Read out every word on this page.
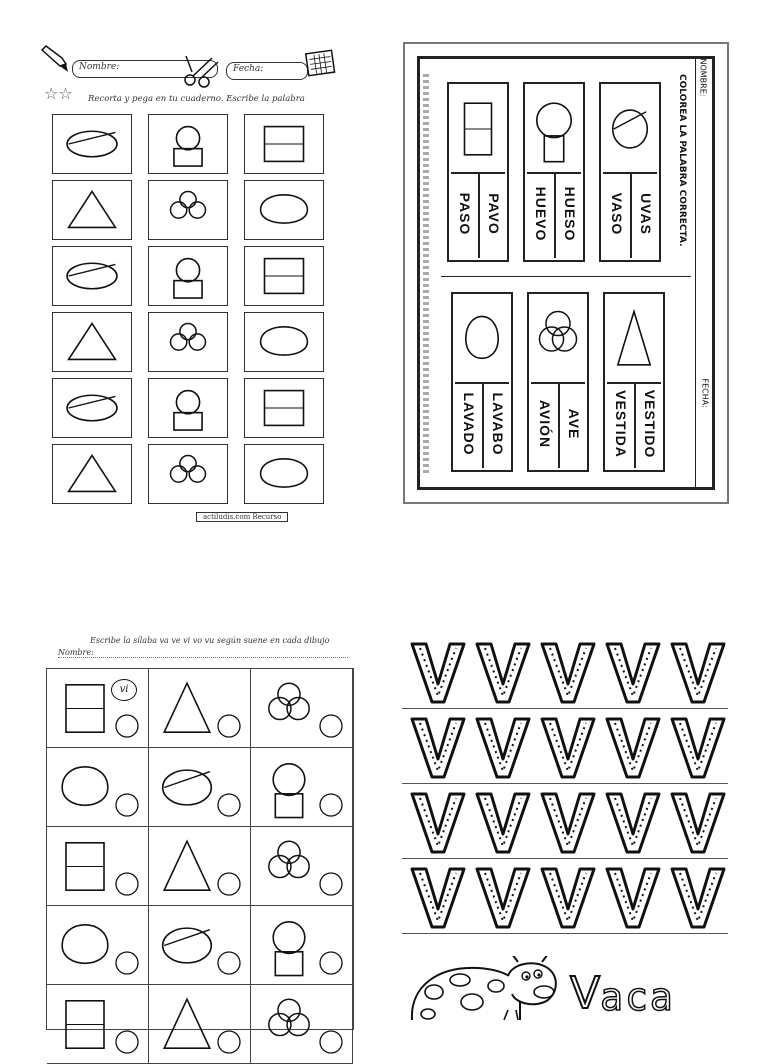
Nombre:	Fecha:
☆☆ Recorta y pega en tu cuaderno. Escribe la palabra
actiludis.com Recurso
NOMBRE:
FECHA:
COLOREA LA PALABRA CORRECTA.
UVAS
VASO
HUESO
HUEVO
PAVO
PASO
VESTIDO
VESTIDA
AVE
AVIÓN
LAVABO
LAVADO
Escribe la sílaba va ve vi vo vu según suene en cada dibujo
Nombre:
vi
V aca
